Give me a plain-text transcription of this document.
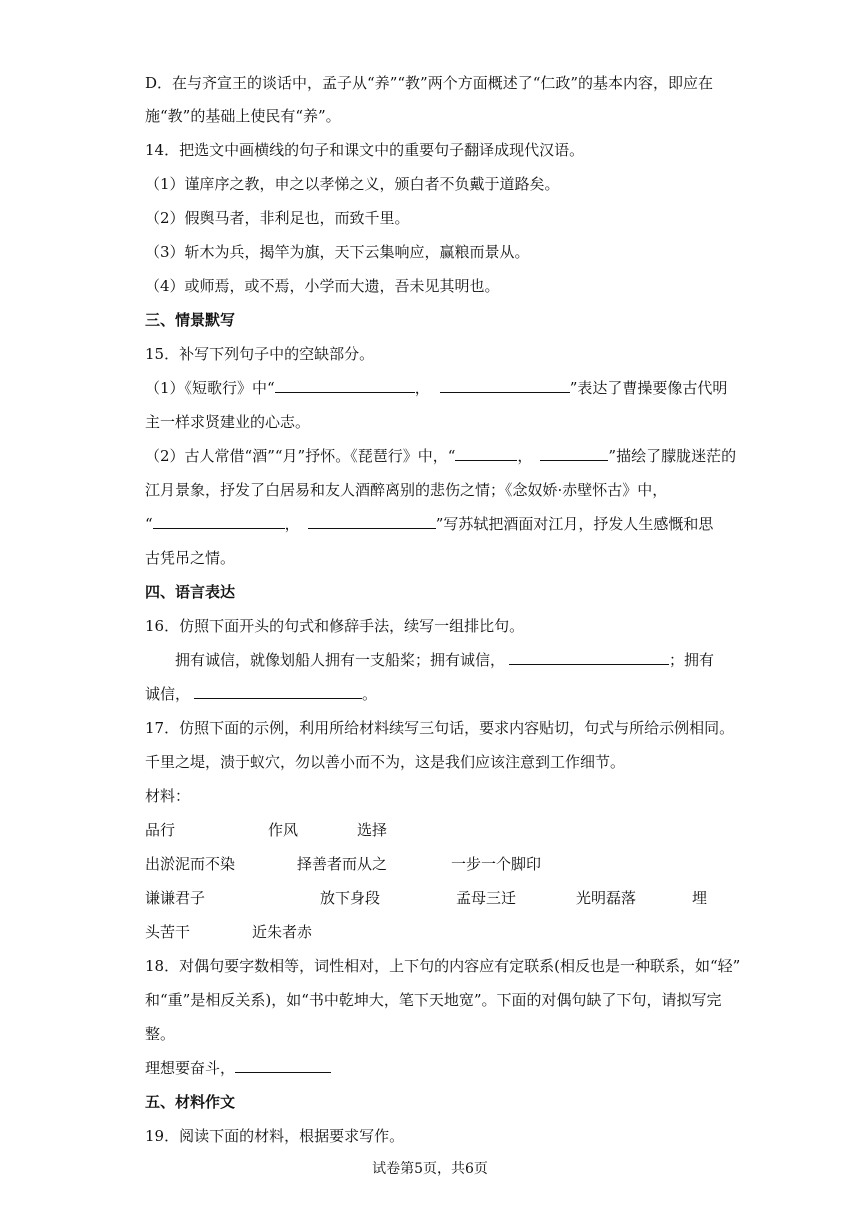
D．在与齐宣王的谈话中，孟子从“养”“教”两个方面概述了“仁政”的基本内容，即应在
施“教”的基础上使民有“养”。
14．把选文中画横线的句子和课文中的重要句子翻译成现代汉语。
（1）谨庠序之教，申之以孝悌之义，颁白者不负戴于道路矣。
（2）假舆马者，非利足也，而致千里。
（3）斩木为兵，揭竿为旗，天下云集响应，赢粮而景从。
（4）或师焉，或不焉，小学而大遗，吾未见其明也。
三、情景默写
15．补写下列句子中的空缺部分。
（1）《短歌行》中“	，	”表达了曹操要像古代明
主一样求贤建业的心志。
（2）古人常借“酒”“月”抒怀。《琵琶行》中，“	，	”描绘了朦胧迷茫的
江月景象，抒发了白居易和友人酒醉离别的悲伤之情；《念奴娇·赤壁怀古》中，
“	，	”写苏轼把酒面对江月，抒发人生感慨和思
古凭吊之情。
四、语言表达
16．仿照下面开头的句式和修辞手法，续写一组排比句。
拥有诚信，就像划船人拥有一支船桨；拥有诚信，	；拥有
诚信，	。
17．仿照下面的示例，利用所给材料续写三句话，要求内容贴切，句式与所给示例相同。
千里之堤，溃于蚁穴，勿以善小而不为，这是我们应该注意到工作细节。
材料：
品行	作风	选择
出淤泥而不染	择善者而从之	一步一个脚印
谦谦君子	放下身段	孟母三迁	光明磊落	埋
头苦干	近朱者赤
18．对偶句要字数相等，词性相对，上下句的内容应有定联系(相反也是一种联系，如“轻”
和“重”是相反关系)，如“书中乾坤大，笔下天地宽”。下面的对偶句缺了下句，请拟写完
整。
理想要奋斗，
五、材料作文
19．阅读下面的材料，根据要求写作。
试卷第5页，共6页
